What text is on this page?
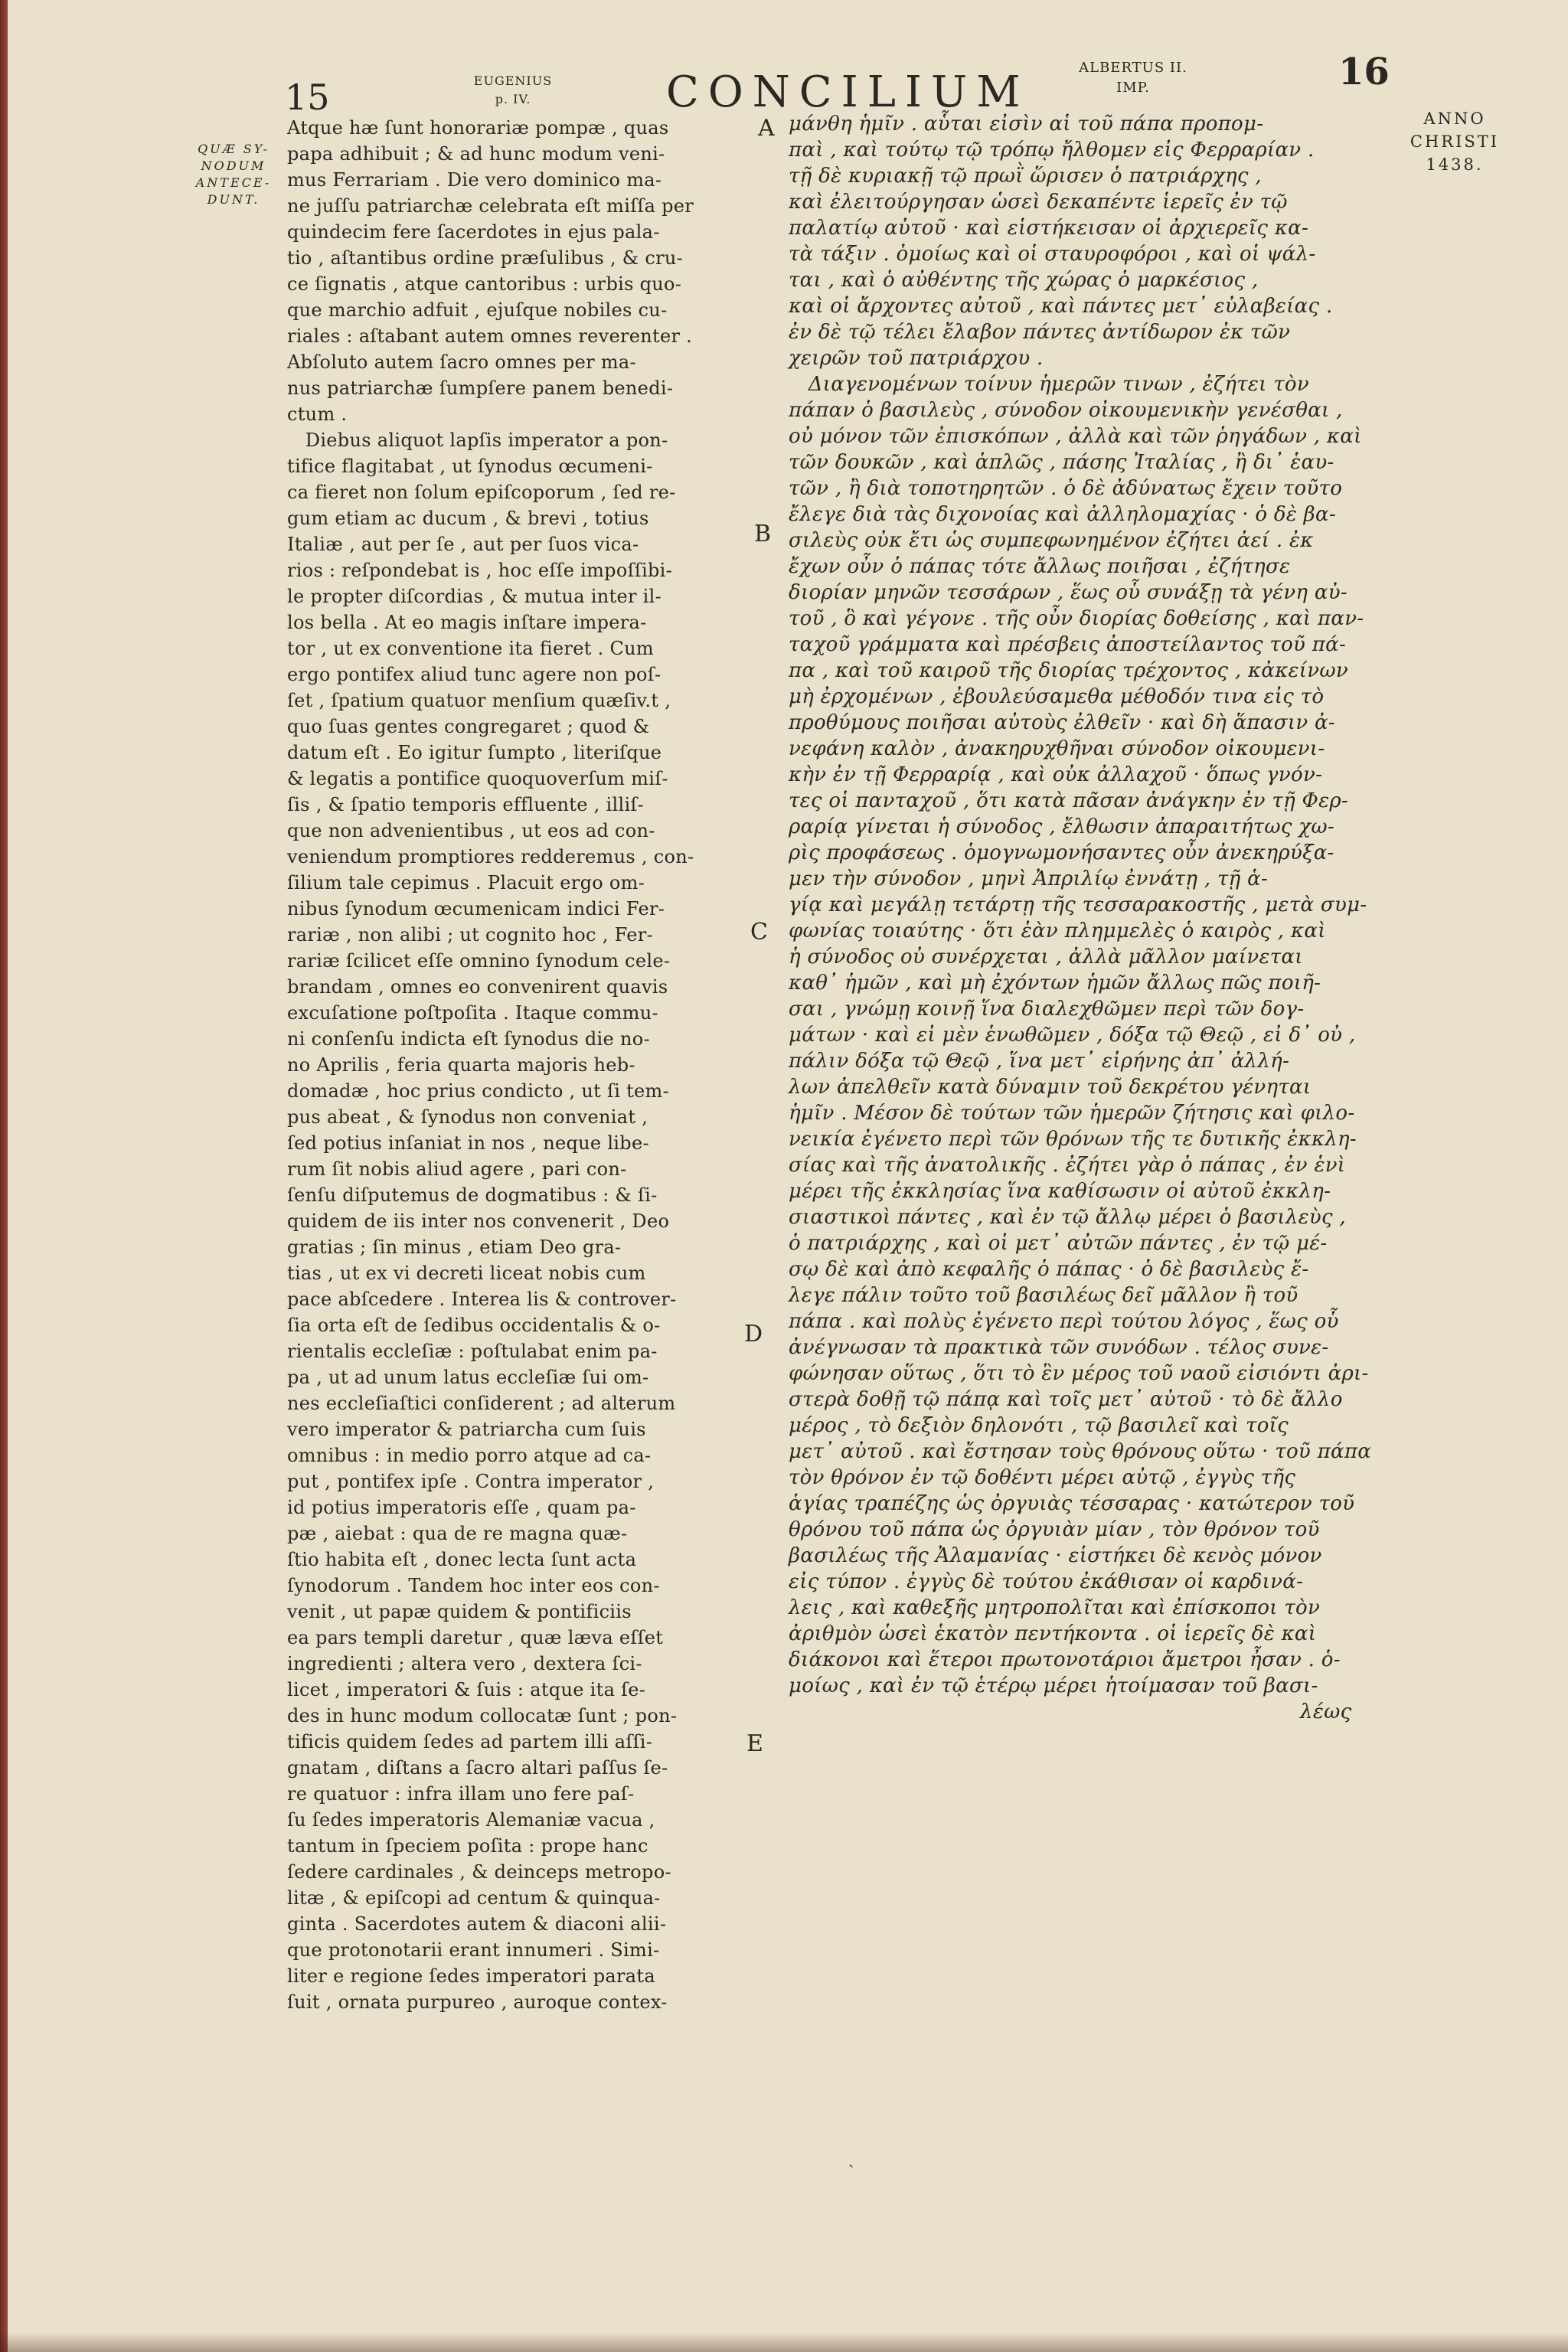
15	EUGENIUS
p. IV.	CONCILIUM	ALBERTUS II.
IMP.	16
ANNO
CHRISTI
1438.
QUÆ SY-
NODUM
ANTECE-
DUNT.
Atque hæ ſunt honorariæ pompæ , quas
papa adhibuit ; & ad hunc modum veni-
mus Ferrariam . Die vero dominico ma-
ne juſſu patriarchæ celebrata eſt miſſa per
quindecim fere ſacerdotes in ejus pala-
tio , aſtantibus ordine præſulibus , & cru-
ce ſignatis , atque cantoribus : urbis quo-
que marchio adfuit , ejuſque nobiles cu-
riales : aſtabant autem omnes reverenter .
Abſoluto autem ſacro omnes per ma-
nus patriarchæ ſumpſere panem benedi-
ctum .
Diebus aliquot lapſis imperator a pon-
tifice flagitabat , ut ſynodus œcumeni-
ca fieret non ſolum epiſcoporum , ſed re-
gum etiam ac ducum , & brevi , totius
Italiæ , aut per ſe , aut per ſuos vica-
rios : reſpondebat is , hoc eſſe impoſſibi-
le propter diſcordias , & mutua inter il-
los bella . At eo magis inſtare impera-
tor , ut ex conventione ita fieret . Cum
ergo pontifex aliud tunc agere non poſ-
ſet , ſpatium quatuor menſium quæſiv.t ,
quo ſuas gentes congregaret ; quod &
datum eſt . Eo igitur ſumpto , literiſque
& legatis a pontifice quoquoverſum miſ-
ſis , & ſpatio temporis effluente , illiſ-
que non advenientibus , ut eos ad con-
veniendum promptiores redderemus , con-
ſilium tale cepimus . Placuit ergo om-
nibus ſynodum œcumenicam indici Fer-
rariæ , non alibi ; ut cognito hoc , Fer-
rariæ ſcilicet eſſe omnino ſynodum cele-
brandam , omnes eo convenirent quavis
excuſatione poſtpoſita . Itaque commu-
ni conſenſu indicta eſt ſynodus die no-
no Aprilis , feria quarta majoris heb-
domadæ , hoc prius condicto , ut ſi tem-
pus abeat , & ſynodus non conveniat ,
ſed potius inſaniat in nos , neque libe-
rum ſit nobis aliud agere , pari con-
ſenſu diſputemus de dogmatibus : & ſi-
quidem de iis inter nos convenerit , Deo
gratias ; ſin minus , etiam Deo gra-
tias , ut ex vi decreti liceat nobis cum
pace abſcedere . Interea lis & controver-
ſia orta eſt de ſedibus occidentalis & o-
rientalis eccleſiæ : poſtulabat enim pa-
pa , ut ad unum latus eccleſiæ ſui om-
nes eccleſiaſtici conſiderent ; ad alterum
vero imperator & patriarcha cum ſuis
omnibus : in medio porro atque ad ca-
put , pontifex ipſe . Contra imperator ,
id potius imperatoris eſſe , quam pa-
pæ , aiebat : qua de re magna quæ-
ſtio habita eſt , donec lecta ſunt acta
ſynodorum . Tandem hoc inter eos con-
venit , ut papæ quidem & pontificiis
ea pars templi daretur , quæ læva eſſet
ingredienti ; altera vero , dextera ſci-
licet , imperatori & ſuis : atque ita ſe-
des in hunc modum collocatæ ſunt ; pon-
tificis quidem ſedes ad partem illi aſſi-
gnatam , diſtans a ſacro altari paſſus ſe-
re quatuor : infra illam uno fere paſ-
ſu ſedes imperatoris Alemaniæ vacua ,
tantum in ſpeciem poſita : prope hanc
ſedere cardinales , & deinceps metropo-
litæ , & epiſcopi ad centum & quinqua-
ginta . Sacerdotes autem & diaconi alii-
que protonotarii erant innumeri . Simi-
liter e regione ſedes imperatori parata
ſuit , ornata purpureo , auroque contex-
A
B
C
D
E
μάνθη ἡμῖν . αὗται εἰσὶν αἱ τοῦ πάπα προπομ-
παὶ , καὶ τούτῳ τῷ τρόπῳ ἤλθομεν εἰς Φερραρίαν .
τῇ δὲ κυριακῇ τῷ πρωῒ ὥρισεν ὁ πατριάρχης ,
καὶ ἐλειτούργησαν ὡσεὶ δεκαπέντε ἱερεῖς ἐν τῷ
παλατίῳ αὐτοῦ · καὶ εἱστήκεισαν οἱ ἀρχιερεῖς κα-
τὰ τάξιν . ὁμοίως καὶ οἱ σταυροφόροι , καὶ οἱ ψάλ-
ται , καὶ ὁ αὐθέντης τῆς χώρας ὁ μαρκέσιος ,
καὶ οἱ ἄρχοντες αὐτοῦ , καὶ πάντες μετ᾿ εὐλαβείας .
ἐν δὲ τῷ τέλει ἔλαβον πάντες ἀντίδωρον ἐκ τῶν
χειρῶν τοῦ πατριάρχου .
Διαγενομένων τοίνυν ἡμερῶν τινων , ἐζήτει τὸν
πάπαν ὁ βασιλεὺς , σύνοδον οἰκουμενικὴν γενέσθαι ,
οὐ μόνον τῶν ἐπισκόπων , ἀλλὰ καὶ τῶν ῥηγάδων , καὶ
τῶν δουκῶν , καὶ ἁπλῶς , πάσης Ἰταλίας , ἢ δι᾿ ἑαυ-
τῶν , ἢ διὰ τοποτηρητῶν . ὁ δὲ ἀδύνατως ἔχειν τοῦτο
ἔλεγε διὰ τὰς διχονοίας καὶ ἀλληλομαχίας · ὁ δὲ βα-
σιλεὺς οὐκ ἔτι ὡς συμπεφωνημένον ἐζήτει ἀεί . ἐκ
ἔχων οὖν ὁ πάπας τότε ἄλλως ποιῆσαι , ἐζήτησε
διορίαν μηνῶν τεσσάρων , ἕως οὗ συνάξῃ τὰ γένη αὐ-
τοῦ , ὃ καὶ γέγονε . τῆς οὖν διορίας δοθείσης , καὶ παν-
ταχοῦ γράμματα καὶ πρέσβεις ἀποστείλαντος τοῦ πά-
πα , καὶ τοῦ καιροῦ τῆς διορίας τρέχοντος , κἀκείνων
μὴ ἐρχομένων , ἐβουλεύσαμεθα μέθοδόν τινα εἰς τὸ
προθύμους ποιῆσαι αὐτοὺς ἐλθεῖν · καὶ δὴ ἅπασιν ἀ-
νεφάνη καλὸν , ἀνακηρυχθῆναι σύνοδον οἰκουμενι-
κὴν ἐν τῇ Φερραρίᾳ , καὶ οὐκ ἀλλαχοῦ · ὅπως γνόν-
τες οἱ πανταχοῦ , ὅτι κατὰ πᾶσαν ἀνάγκην ἐν τῇ Φερ-
ραρίᾳ γίνεται ἡ σύνοδος , ἔλθωσιν ἀπαραιτήτως χω-
ρὶς προφάσεως . ὁμογνωμονήσαντες οὖν ἀνεκηρύξα-
μεν τὴν σύνοδον , μηνὶ Ἀπριλίῳ ἐννάτῃ , τῇ ἁ-
γίᾳ καὶ μεγάλῃ τετάρτῃ τῆς τεσσαρακοστῆς , μετὰ συμ-
φωνίας τοιαύτης · ὅτι ἐὰν πλημμελὲς ὁ καιρὸς , καὶ
ἡ σύνοδος οὐ συνέρχεται , ἀλλὰ μᾶλλον μαίνεται
καθ᾿ ἡμῶν , καὶ μὴ ἐχόντων ἡμῶν ἄλλως πῶς ποιῆ-
σαι , γνώμῃ κοινῇ ἵνα διαλεχθῶμεν περὶ τῶν δογ-
μάτων · καὶ εἰ μὲν ἑνωθῶμεν , δόξα τῷ Θεῷ , εἰ δ᾿ οὐ ,
πάλιν δόξα τῷ Θεῷ , ἵνα μετ᾿ εἰρήνης ἀπ᾿ ἀλλή-
λων ἀπελθεῖν κατὰ δύναμιν τοῦ δεκρέτου γένηται
ἡμῖν . Μέσον δὲ τούτων τῶν ἡμερῶν ζήτησις καὶ φιλο-
νεικία ἐγένετο περὶ τῶν θρόνων τῆς τε δυτικῆς ἐκκλη-
σίας καὶ τῆς ἀνατολικῆς . ἐζήτει γὰρ ὁ πάπας , ἐν ἑνὶ
μέρει τῆς ἐκκλησίας ἵνα καθίσωσιν οἱ αὐτοῦ ἐκκλη-
σιαστικοὶ πάντες , καὶ ἐν τῷ ἄλλῳ μέρει ὁ βασιλεὺς ,
ὁ πατριάρχης , καὶ οἱ μετ᾿ αὐτῶν πάντες , ἐν τῷ μέ-
σῳ δὲ καὶ ἀπὸ κεφαλῆς ὁ πάπας · ὁ δὲ βασιλεὺς ἔ-
λεγε πάλιν τοῦτο τοῦ βασιλέως δεῖ μᾶλλον ἢ τοῦ
πάπα . καὶ πολὺς ἐγένετο περὶ τούτου λόγος , ἕως οὗ
ἀνέγνωσαν τὰ πρακτικὰ τῶν συνόδων . τέλος συνε-
φώνησαν οὕτως , ὅτι τὸ ἓν μέρος τοῦ ναοῦ εἰσιόντι ἀρι-
στερὰ δοθῇ τῷ πάπᾳ καὶ τοῖς μετ᾿ αὐτοῦ · τὸ δὲ ἄλλο
μέρος , τὸ δεξιὸν δηλονότι , τῷ βασιλεῖ καὶ τοῖς
μετ᾿ αὐτοῦ . καὶ ἔστησαν τοὺς θρόνους οὕτω · τοῦ πάπα
τὸν θρόνον ἐν τῷ δοθέντι μέρει αὐτῷ , ἐγγὺς τῆς
ἁγίας τραπέζης ὡς ὀργυιὰς τέσσαρας · κατώτερον τοῦ
θρόνου τοῦ πάπα ὡς ὀργυιὰν μίαν , τὸν θρόνον τοῦ
βασιλέως τῆς Ἀλαμανίας · εἱστήκει δὲ κενὸς μόνον
εἰς τύπον . ἐγγὺς δὲ τούτου ἐκάθισαν οἱ καρδινά-
λεις , καὶ καθεξῆς μητροπολῖται καὶ ἐπίσκοποι τὸν
ἀριθμὸν ὡσεὶ ἑκατὸν πεντήκοντα . οἱ ἱερεῖς δὲ καὶ
διάκονοι καὶ ἕτεροι πρωτονοτάριοι ἄμετροι ἦσαν . ὁ-
μοίως , καὶ ἐν τῷ ἑτέρῳ μέρει ἡτοίμασαν τοῦ βασι-
λέως
ˎ
